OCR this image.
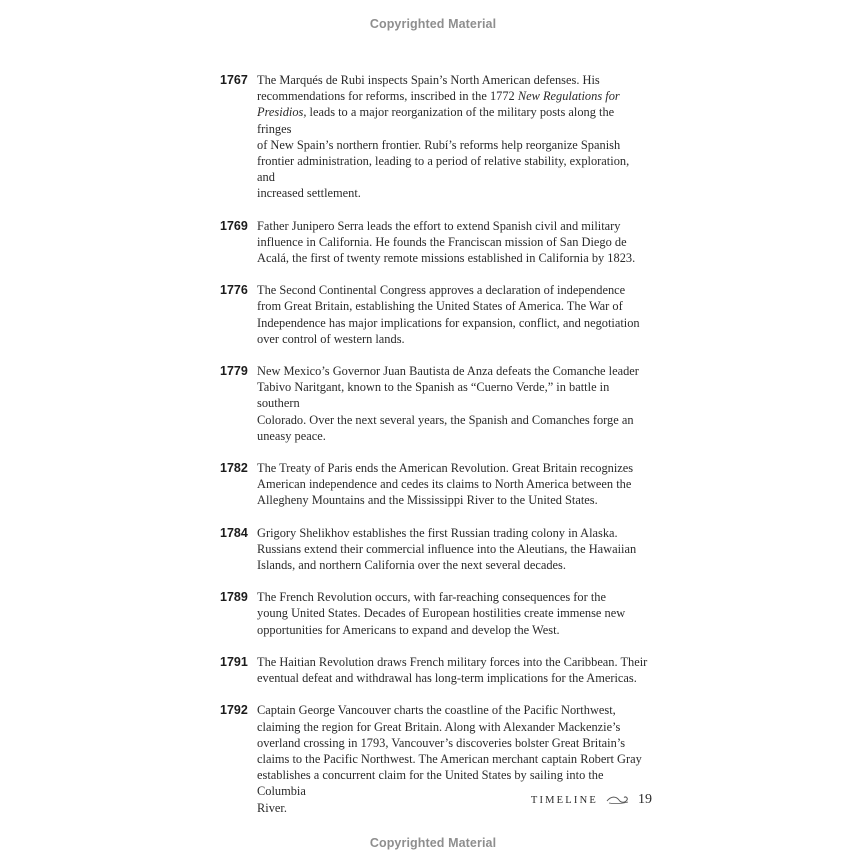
Copyrighted Material
1767 The Marqués de Rubi inspects Spain’s North American defenses. His
recommendations for reforms, inscribed in the 1772 New Regulations for
Presidios, leads to a major reorganization of the military posts along the fringes
of New Spain’s northern frontier. Rubí’s reforms help reorganize Spanish
frontier administration, leading to a period of relative stability, exploration, and
increased settlement.
1769 Father Junipero Serra leads the effort to extend Spanish civil and military
influence in California. He founds the Franciscan mission of San Diego de
Acalá, the first of twenty remote missions established in California by 1823.
1776 The Second Continental Congress approves a declaration of independence
from Great Britain, establishing the United States of America. The War of
Independence has major implications for expansion, conflict, and negotiation
over control of western lands.
1779 New Mexico’s Governor Juan Bautista de Anza defeats the Comanche leader
Tabivo Naritgant, known to the Spanish as “Cuerno Verde,” in battle in southern
Colorado. Over the next several years, the Spanish and Comanches forge an
uneasy peace.
1782 The Treaty of Paris ends the American Revolution. Great Britain recognizes
American independence and cedes its claims to North America between the
Allegheny Mountains and the Mississippi River to the United States.
1784 Grigory Shelikhov establishes the first Russian trading colony in Alaska.
Russians extend their commercial influence into the Aleutians, the Hawaiian
Islands, and northern California over the next several decades.
1789 The French Revolution occurs, with far-reaching consequences for the
young United States. Decades of European hostilities create immense new
opportunities for Americans to expand and develop the West.
1791 The Haitian Revolution draws French military forces into the Caribbean. Their
eventual defeat and withdrawal has long-term implications for the Americas.
1792 Captain George Vancouver charts the coastline of the Pacific Northwest,
claiming the region for Great Britain. Along with Alexander Mackenzie’s
overland crossing in 1793, Vancouver’s discoveries bolster Great Britain’s
claims to the Pacific Northwest. The American merchant captain Robert Gray
establishes a concurrent claim for the United States by sailing into the Columbia
River.
TIMELINE	19
Copyrighted Material
